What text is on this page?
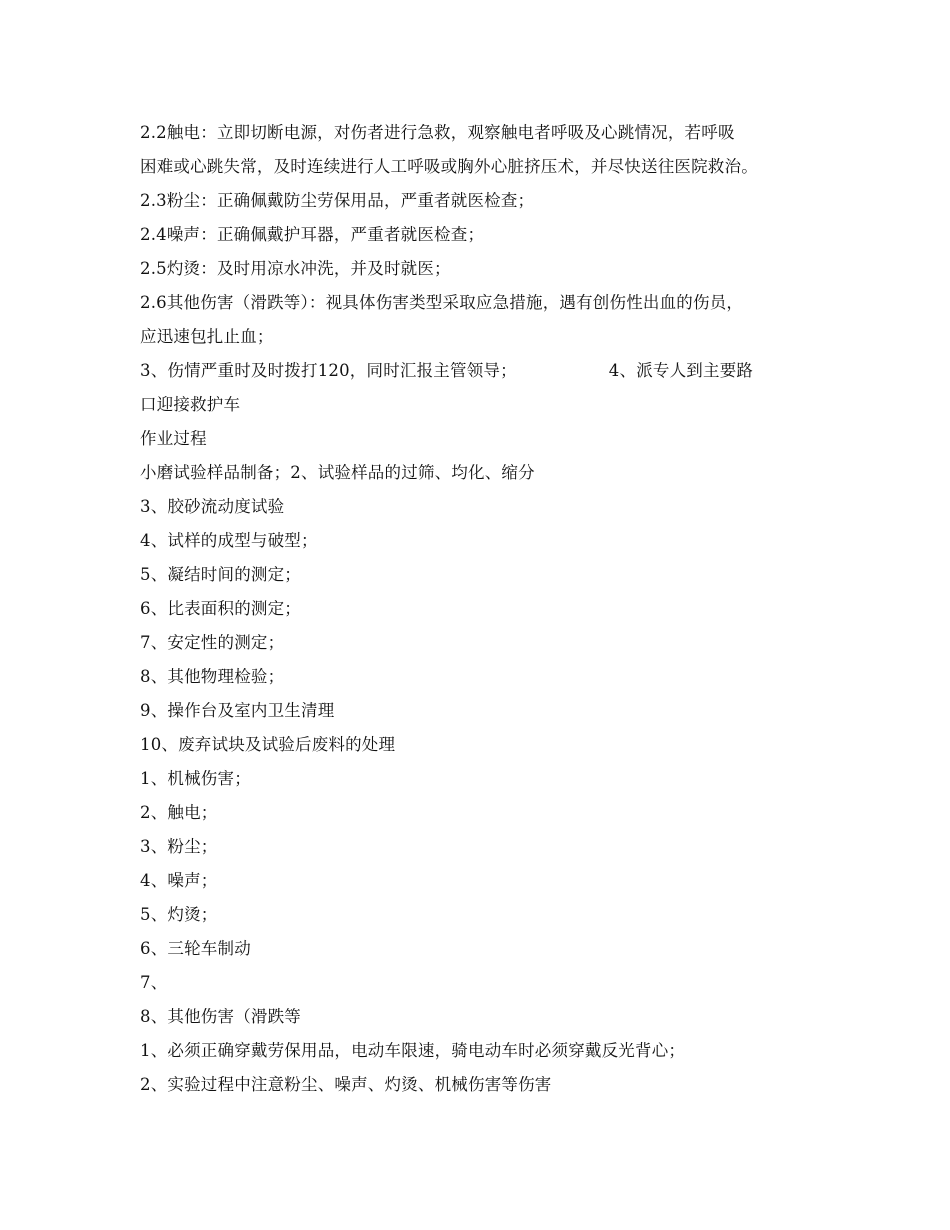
2.2触电：立即切断电源，对伤者进行急救，观察触电者呼吸及心跳情况，若呼吸
困难或心跳失常，及时连续进行人工呼吸或胸外心脏挤压术，并尽快送往医院救治。
2.3粉尘：正确佩戴防尘劳保用品，严重者就医检查；
2.4噪声：正确佩戴护耳器，严重者就医检查；
2.5灼烫：及时用凉水冲洗，并及时就医；
2.6其他伤害（滑跌等）：视具体伤害类型采取应急措施，遇有创伤性出血的伤员，
应迅速包扎止血；
3、伤情严重时及时拨打120，同时汇报主管领导；	4、派专人到主要路
口迎接救护车
作业过程
小磨试验样品制备；2、试验样品的过筛、均化、缩分
3、胶砂流动度试验
4、试样的成型与破型；
5、凝结时间的测定；
6、比表面积的测定；
7、安定性的测定；
8、其他物理检验；
9、操作台及室内卫生清理
10、废弃试块及试验后废料的处理
1、机械伤害；
2、触电；
3、粉尘；
4、噪声；
5、灼烫；
6、三轮车制动
7、
8、其他伤害（滑跌等
1、必须正确穿戴劳保用品，电动车限速，骑电动车时必须穿戴反光背心；
2、实验过程中注意粉尘、噪声、灼烫、机械伤害等伤害
